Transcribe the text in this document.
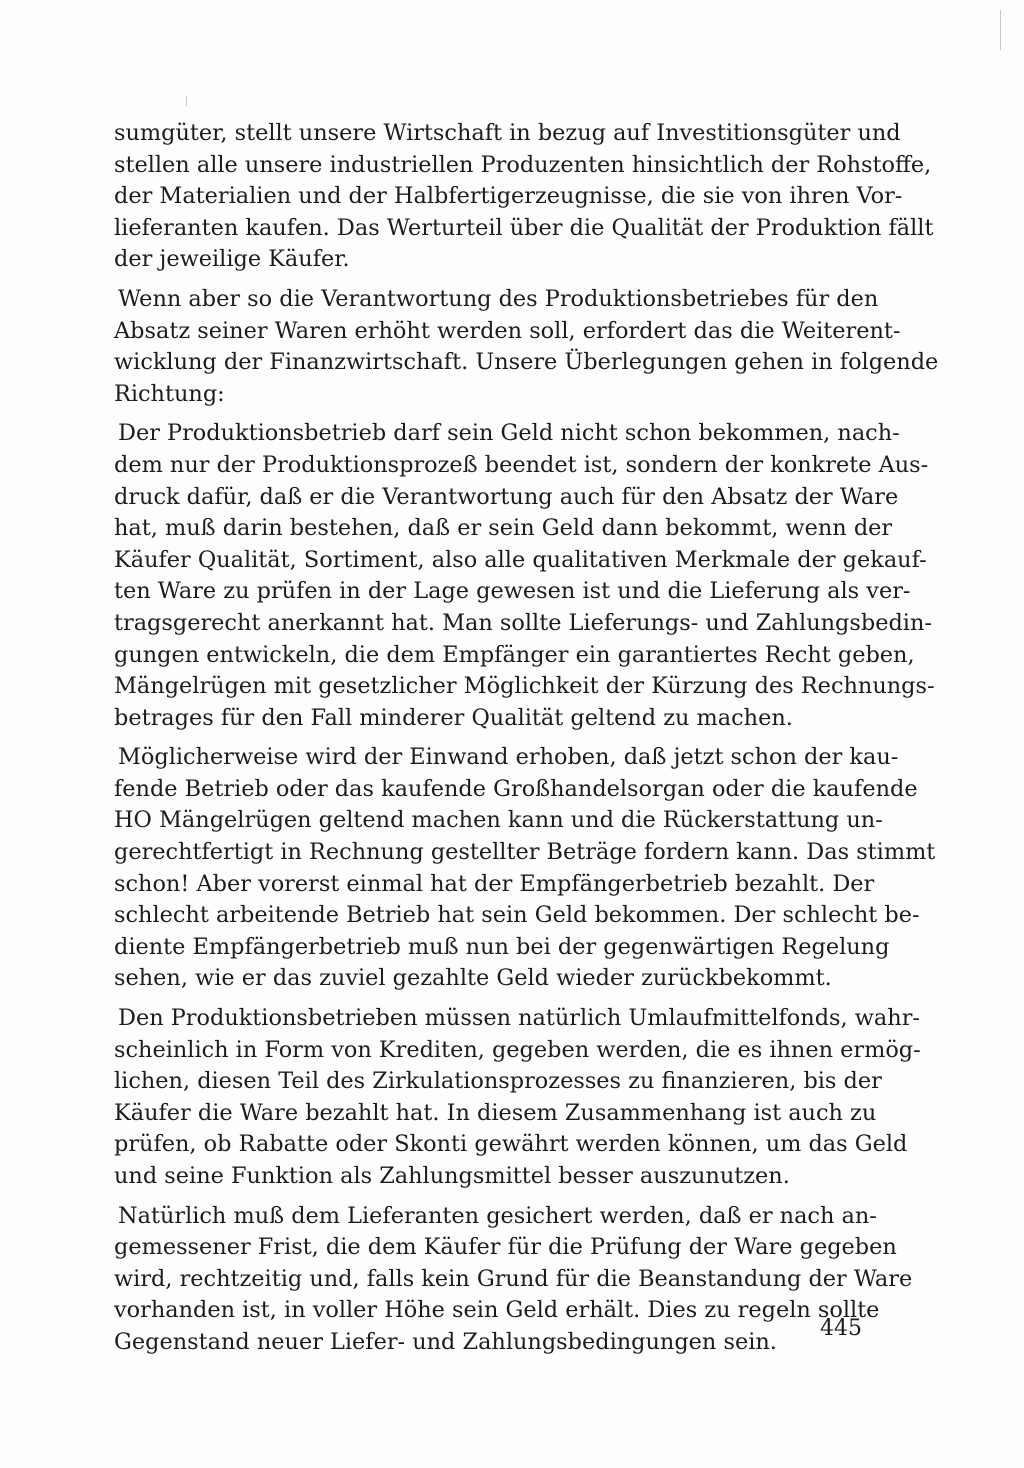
sumgüter, stellt unsere Wirtschaft in bezug auf Investitionsgüter und
stellen alle unsere industriellen Produzenten hinsichtlich der Rohstoffe,
der Materialien und der Halbfertigerzeugnisse, die sie von ihren Vor-
lieferanten kaufen. Das Werturteil über die Qualität der Produktion fällt
der jeweilige Käufer.
Wenn aber so die Verantwortung des Produktionsbetriebes für den
Absatz seiner Waren erhöht werden soll, erfordert das die Weiterent-
wicklung der Finanzwirtschaft. Unsere Überlegungen gehen in folgende
Richtung:
Der Produktionsbetrieb darf sein Geld nicht schon bekommen, nach-
dem nur der Produktionsprozeß beendet ist, sondern der konkrete Aus-
druck dafür, daß er die Verantwortung auch für den Absatz der Ware
hat, muß darin bestehen, daß er sein Geld dann bekommt, wenn der
Käufer Qualität, Sortiment, also alle qualitativen Merkmale der gekauf-
ten Ware zu prüfen in der Lage gewesen ist und die Lieferung als ver-
tragsgerecht anerkannt hat. Man sollte Lieferungs- und Zahlungsbedin-
gungen entwickeln, die dem Empfänger ein garantiertes Recht geben,
Mängelrügen mit gesetzlicher Möglichkeit der Kürzung des Rechnungs-
betrages für den Fall minderer Qualität geltend zu machen.
Möglicherweise wird der Einwand erhoben, daß jetzt schon der kau-
fende Betrieb oder das kaufende Großhandelsorgan oder die kaufende
HO Mängelrügen geltend machen kann und die Rückerstattung un-
gerechtfertigt in Rechnung gestellter Beträge fordern kann. Das stimmt
schon! Aber vorerst einmal hat der Empfängerbetrieb bezahlt. Der
schlecht arbeitende Betrieb hat sein Geld bekommen. Der schlecht be-
diente Empfängerbetrieb muß nun bei der gegenwärtigen Regelung
sehen, wie er das zuviel gezahlte Geld wieder zurückbekommt.
Den Produktionsbetrieben müssen natürlich Umlaufmittelfonds, wahr-
scheinlich in Form von Krediten, gegeben werden, die es ihnen ermög-
lichen, diesen Teil des Zirkulationsprozesses zu finanzieren, bis der
Käufer die Ware bezahlt hat. In diesem Zusammenhang ist auch zu
prüfen, ob Rabatte oder Skonti gewährt werden können, um das Geld
und seine Funktion als Zahlungsmittel besser auszunutzen.
Natürlich muß dem Lieferanten gesichert werden, daß er nach an-
gemessener Frist, die dem Käufer für die Prüfung der Ware gegeben
wird, rechtzeitig und, falls kein Grund für die Beanstandung der Ware
vorhanden ist, in voller Höhe sein Geld erhält. Dies zu regeln sollte
Gegenstand neuer Liefer- und Zahlungsbedingungen sein.
445
